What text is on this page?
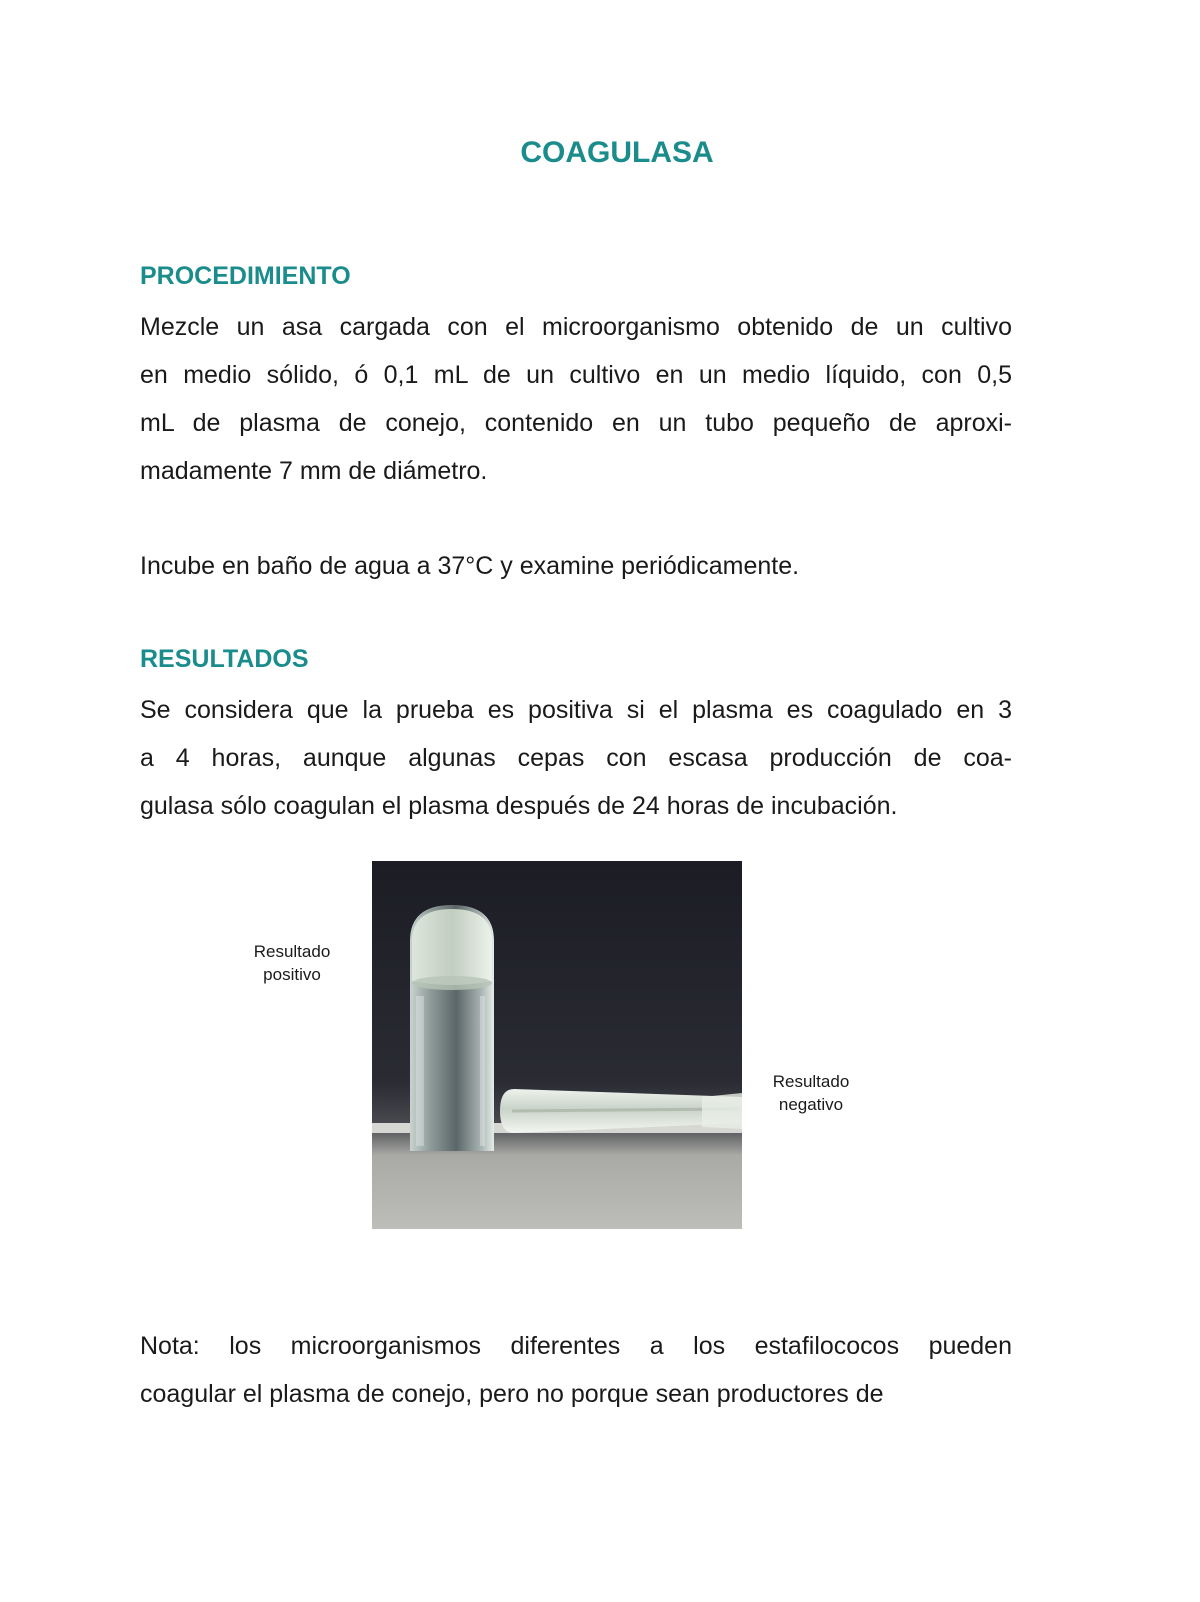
COAGULASA
PROCEDIMIENTO

Mezcle un asa cargada con el microorganismo obtenido de un cultivo
en medio sólido, ó 0,1 mL de un cultivo en un medio líquido, con 0,5
mL de plasma de conejo, contenido en un tubo pequeño de aproxi-
madamente 7 mm de diámetro.

Incube en baño de agua a 37°C y examine periódicamente.

RESULTADOS

Se considera que la prueba es positiva si el plasma es coagulado en 3
a 4 horas, aunque algunas cepas con escasa producción de coa-
gulasa sólo coagulan el plasma después de 24 horas de incubación.

Resultado
positivo
Resultado
negativo

Nota: los microorganismos diferentes a los estafilococos pueden
coagular el plasma de conejo, pero no porque sean productores de
